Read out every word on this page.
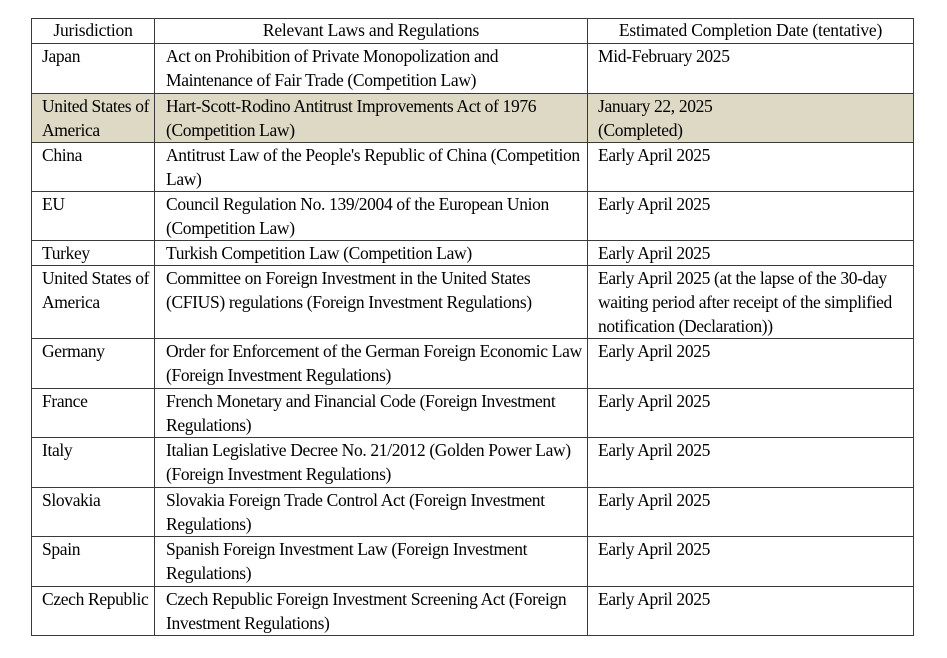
Jurisdiction	Relevant Laws and Regulations	Estimated Completion Date (tentative)

Japan	Act on Prohibition of Private Monopolization and Maintenance of Fair Trade (Competition Law)	Mid-February 2025

United States of America	Hart-Scott-Rodino Antitrust Improvements Act of 1976 (Competition Law)	January 22, 2025
(Completed)

China	Antitrust Law of the People's Republic of China (Competition Law)	Early April 2025

EU	Council Regulation No. 139/2004 of the European Union (Competition Law)	Early April 2025

Turkey	Turkish Competition Law (Competition Law)	Early April 2025

United States of America	Committee on Foreign Investment in the United States (CFIUS) regulations (Foreign Investment Regulations)	Early April 2025 (at the lapse of the 30-day waiting period after receipt of the simplified notification (Declaration))

Germany	Order for Enforcement of the German Foreign Economic Law (Foreign Investment Regulations)	Early April 2025

France	French Monetary and Financial Code (Foreign Investment Regulations)	Early April 2025

Italy	Italian Legislative Decree No. 21/2012 (Golden Power Law) (Foreign Investment Regulations)	Early April 2025

Slovakia	Slovakia Foreign Trade Control Act (Foreign Investment Regulations)	Early April 2025

Spain	Spanish Foreign Investment Law (Foreign Investment Regulations)	Early April 2025

Czech Republic	Czech Republic Foreign Investment Screening Act (Foreign Investment Regulations)	Early April 2025
